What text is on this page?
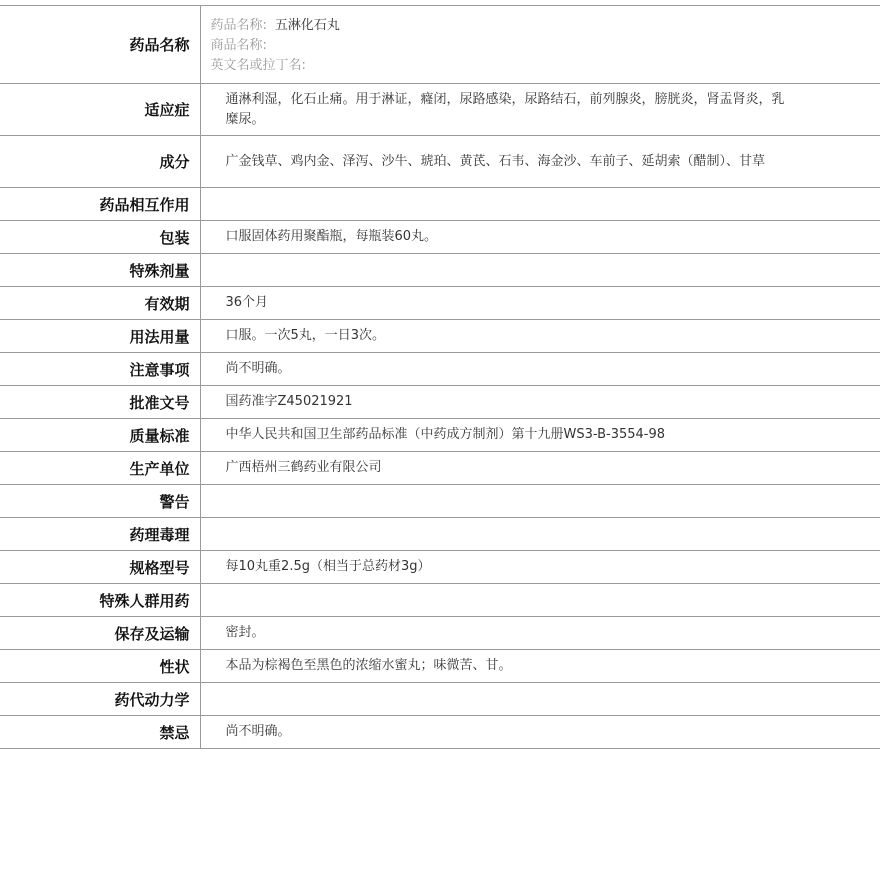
药品名称	药品名称: 五淋化石丸
商品名称:
英文名或拉丁名:

适应症	通淋利湿，化石止痛。用于淋证，癃闭，尿路感染，尿路结石，前列腺炎，膀胱炎，肾盂肾炎，乳糜尿。
成分	广金钱草、鸡内金、泽泻、沙牛、琥珀、黄芪、石韦、海金沙、车前子、延胡索（醋制）、甘草
药品相互作用	
包装	口服固体药用聚酯瓶，每瓶装60丸。
特殊剂量	
有效期	36个月
用法用量	口服。一次5丸，一日3次。
注意事项	尚不明确。
批准文号	国药准字Z45021921
质量标准	中华人民共和国卫生部药品标准（中药成方制剂）第十九册WS3-B-3554-98
生产单位	广西梧州三鹤药业有限公司
警告	
药理毒理	
规格型号	每10丸重2.5g（相当于总药材3g）
特殊人群用药	
保存及运输	密封。
性状	本品为棕褐色至黑色的浓缩水蜜丸；味微苦、甘。
药代动力学	
禁忌	尚不明确。
